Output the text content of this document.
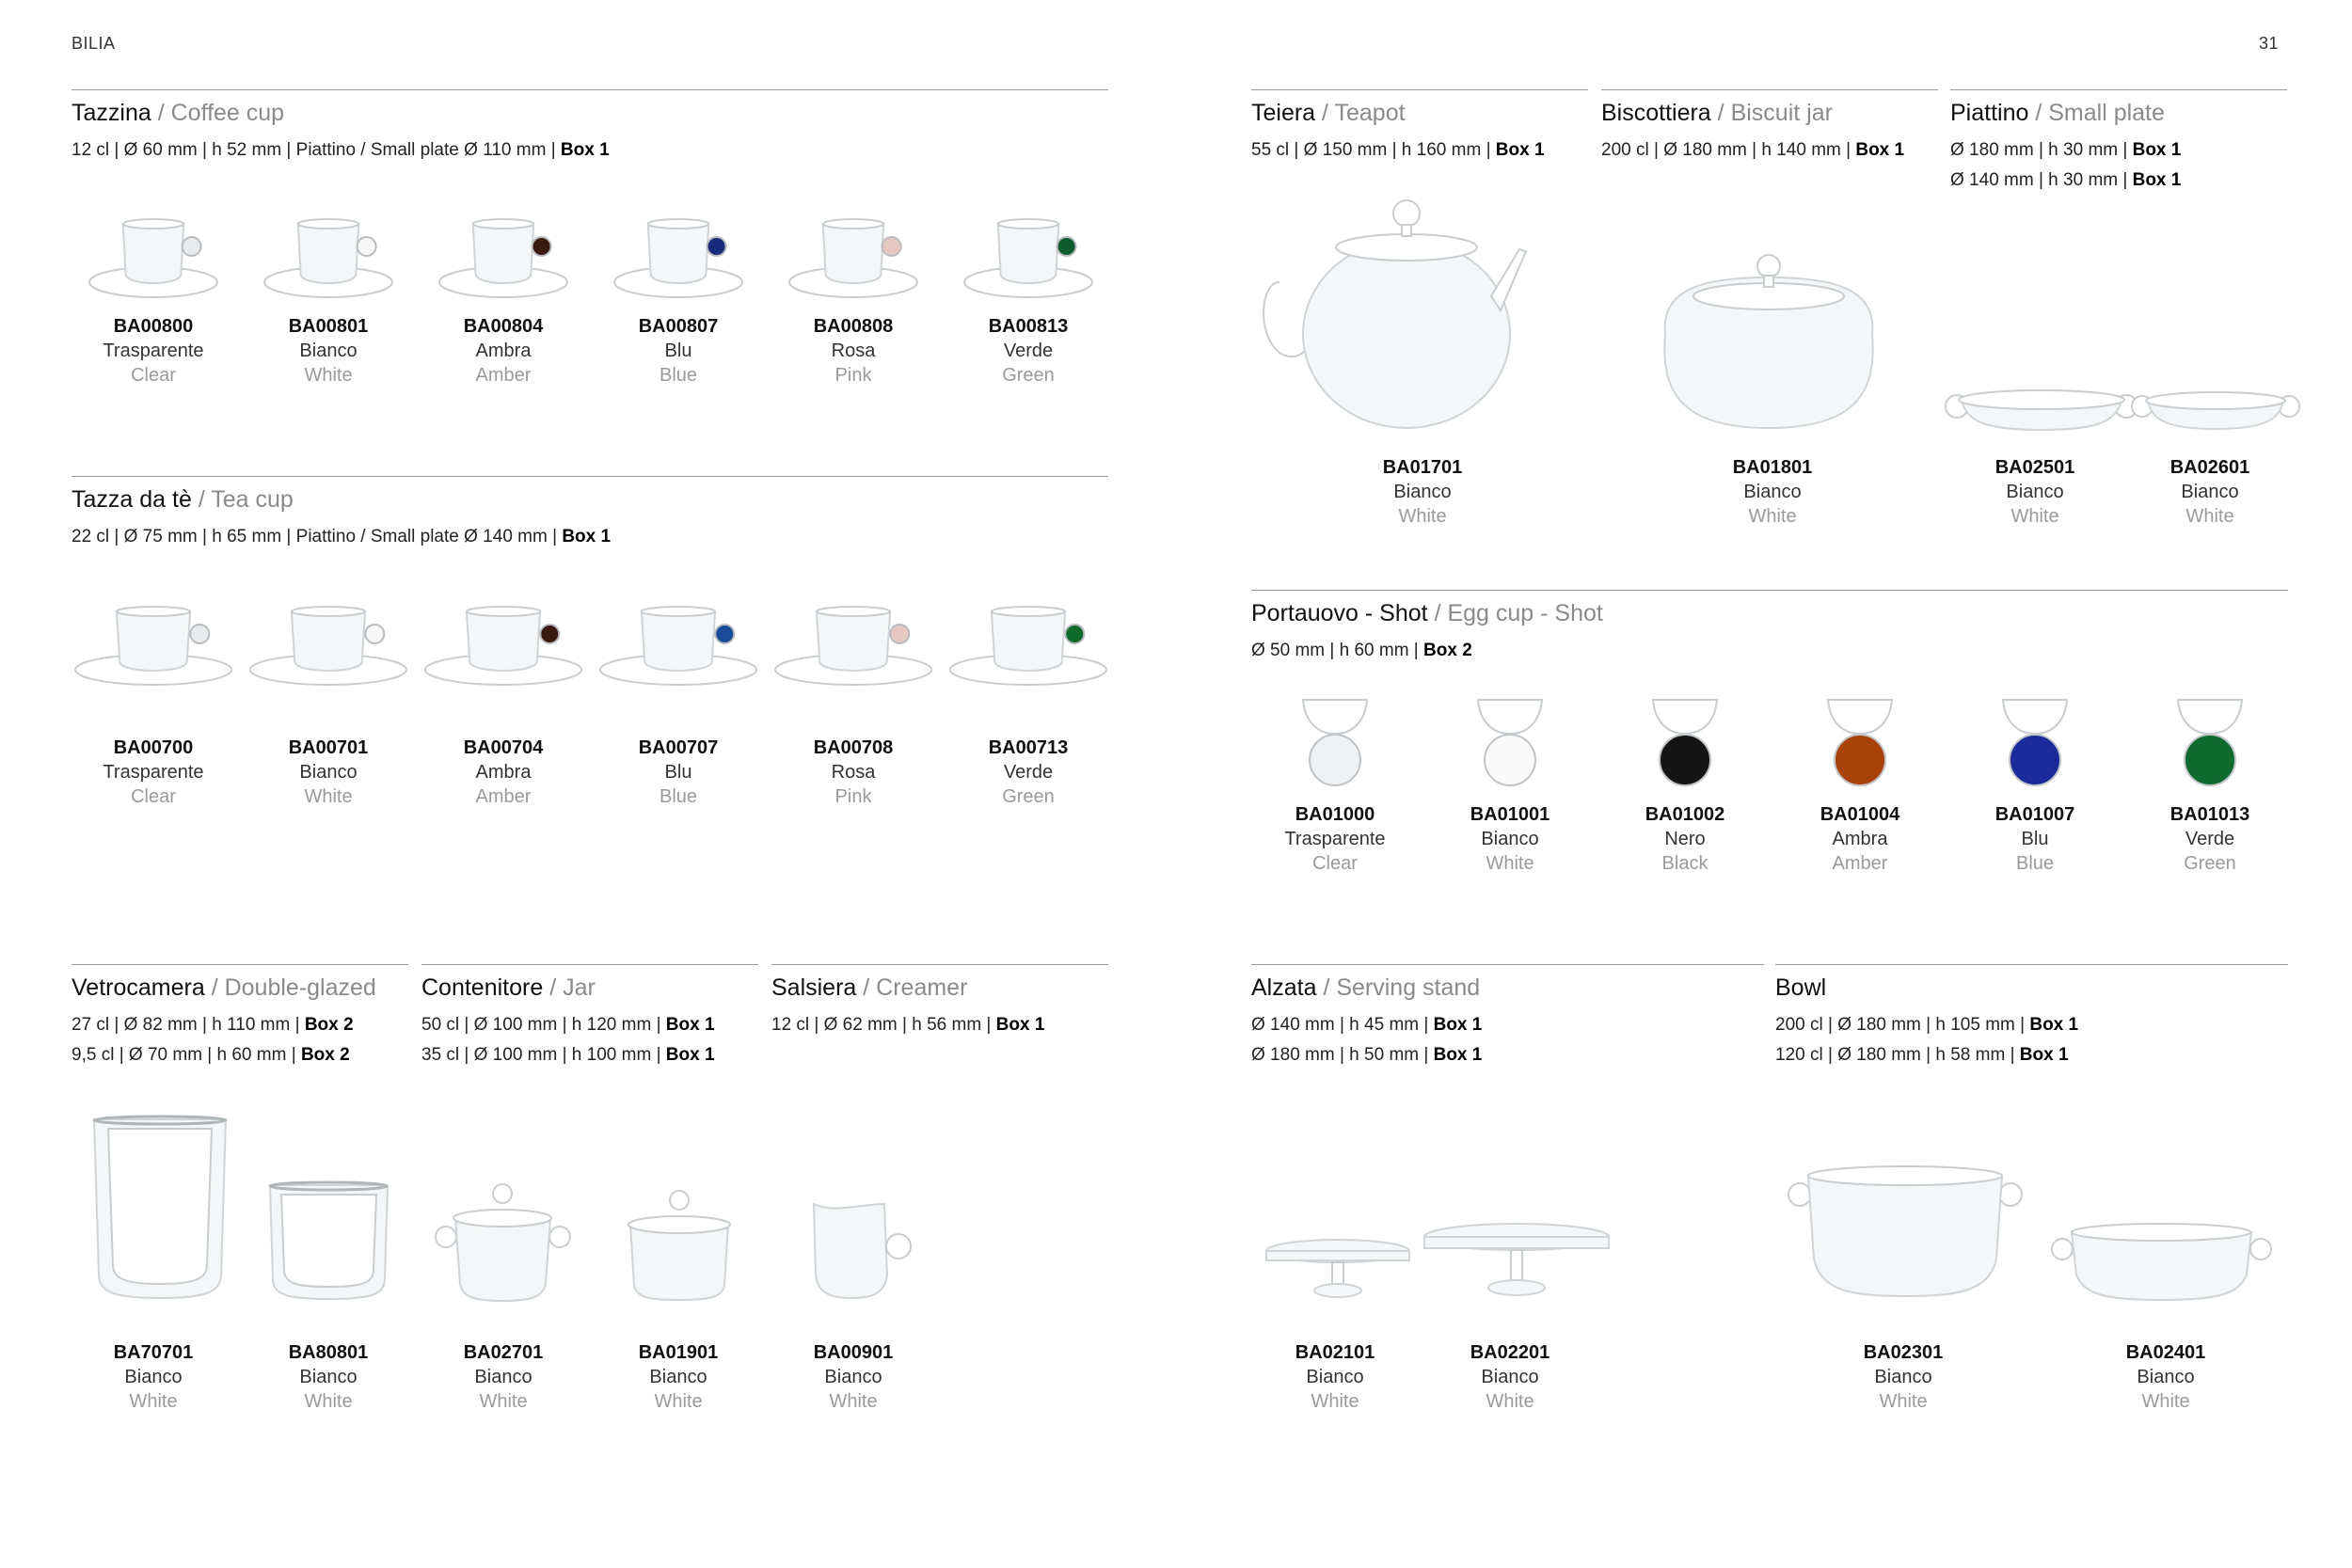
BILIA	31
Tazzina / Coffee cup
12 cl | Ø 60 mm | h 52 mm | Piattino / Small plate Ø 110 mm | Box 1
Tazza da tè / Tea cup
22 cl | Ø 75 mm | h 65 mm | Piattino / Small plate Ø 140 mm | Box 1
Vetrocamera / Double-glazed
27 cl | Ø 82 mm | h 110 mm | Box 2
9,5 cl | Ø 70 mm | h 60 mm | Box 2
Contenitore / Jar
50 cl | Ø 100 mm | h 120 mm | Box 1
35 cl | Ø 100 mm | h 100 mm | Box 1
Salsiera / Creamer
12 cl | Ø 62 mm | h 56 mm | Box 1
Teiera / Teapot
55 cl | Ø 150 mm | h 160 mm | Box 1
Biscottiera / Biscuit jar
200 cl | Ø 180 mm | h 140 mm | Box 1
Piattino / Small plate
Ø 180 mm | h 30 mm | Box 1
Ø 140 mm | h 30 mm | Box 1
Portauovo - Shot / Egg cup - Shot
Ø 50 mm | h 60 mm | Box 2
Alzata / Serving stand
Ø 140 mm | h 45 mm | Box 1
Ø 180 mm | h 50 mm | Box 1
Bowl
200 cl | Ø 180 mm | h 105 mm | Box 1
120 cl | Ø 180 mm | h 58 mm | Box 1
BA00800
Trasparente
Clear
BA00801
Bianco
White
BA00804
Ambra
Amber
BA00807
Blu
Blue
BA00808
Rosa
Pink
BA00813
Verde
Green
BA00700
Trasparente
Clear
BA00701
Bianco
White
BA00704
Ambra
Amber
BA00707
Blu
Blue
BA00708
Rosa
Pink
BA00713
Verde
Green
BA70701
Bianco
White
BA80801
Bianco
White
BA02701
Bianco
White
BA01901
Bianco
White
BA00901
Bianco
White
BA01701
Bianco
White
BA01801
Bianco
White
BA02501
Bianco
White
BA02601
Bianco
White
BA01000
Trasparente
Clear
BA01001
Bianco
White
BA01002
Nero
Black
BA01004
Ambra
Amber
BA01007
Blu
Blue
BA01013
Verde
Green
BA02101
Bianco
White
BA02201
Bianco
White
BA02301
Bianco
White
BA02401
Bianco
White
